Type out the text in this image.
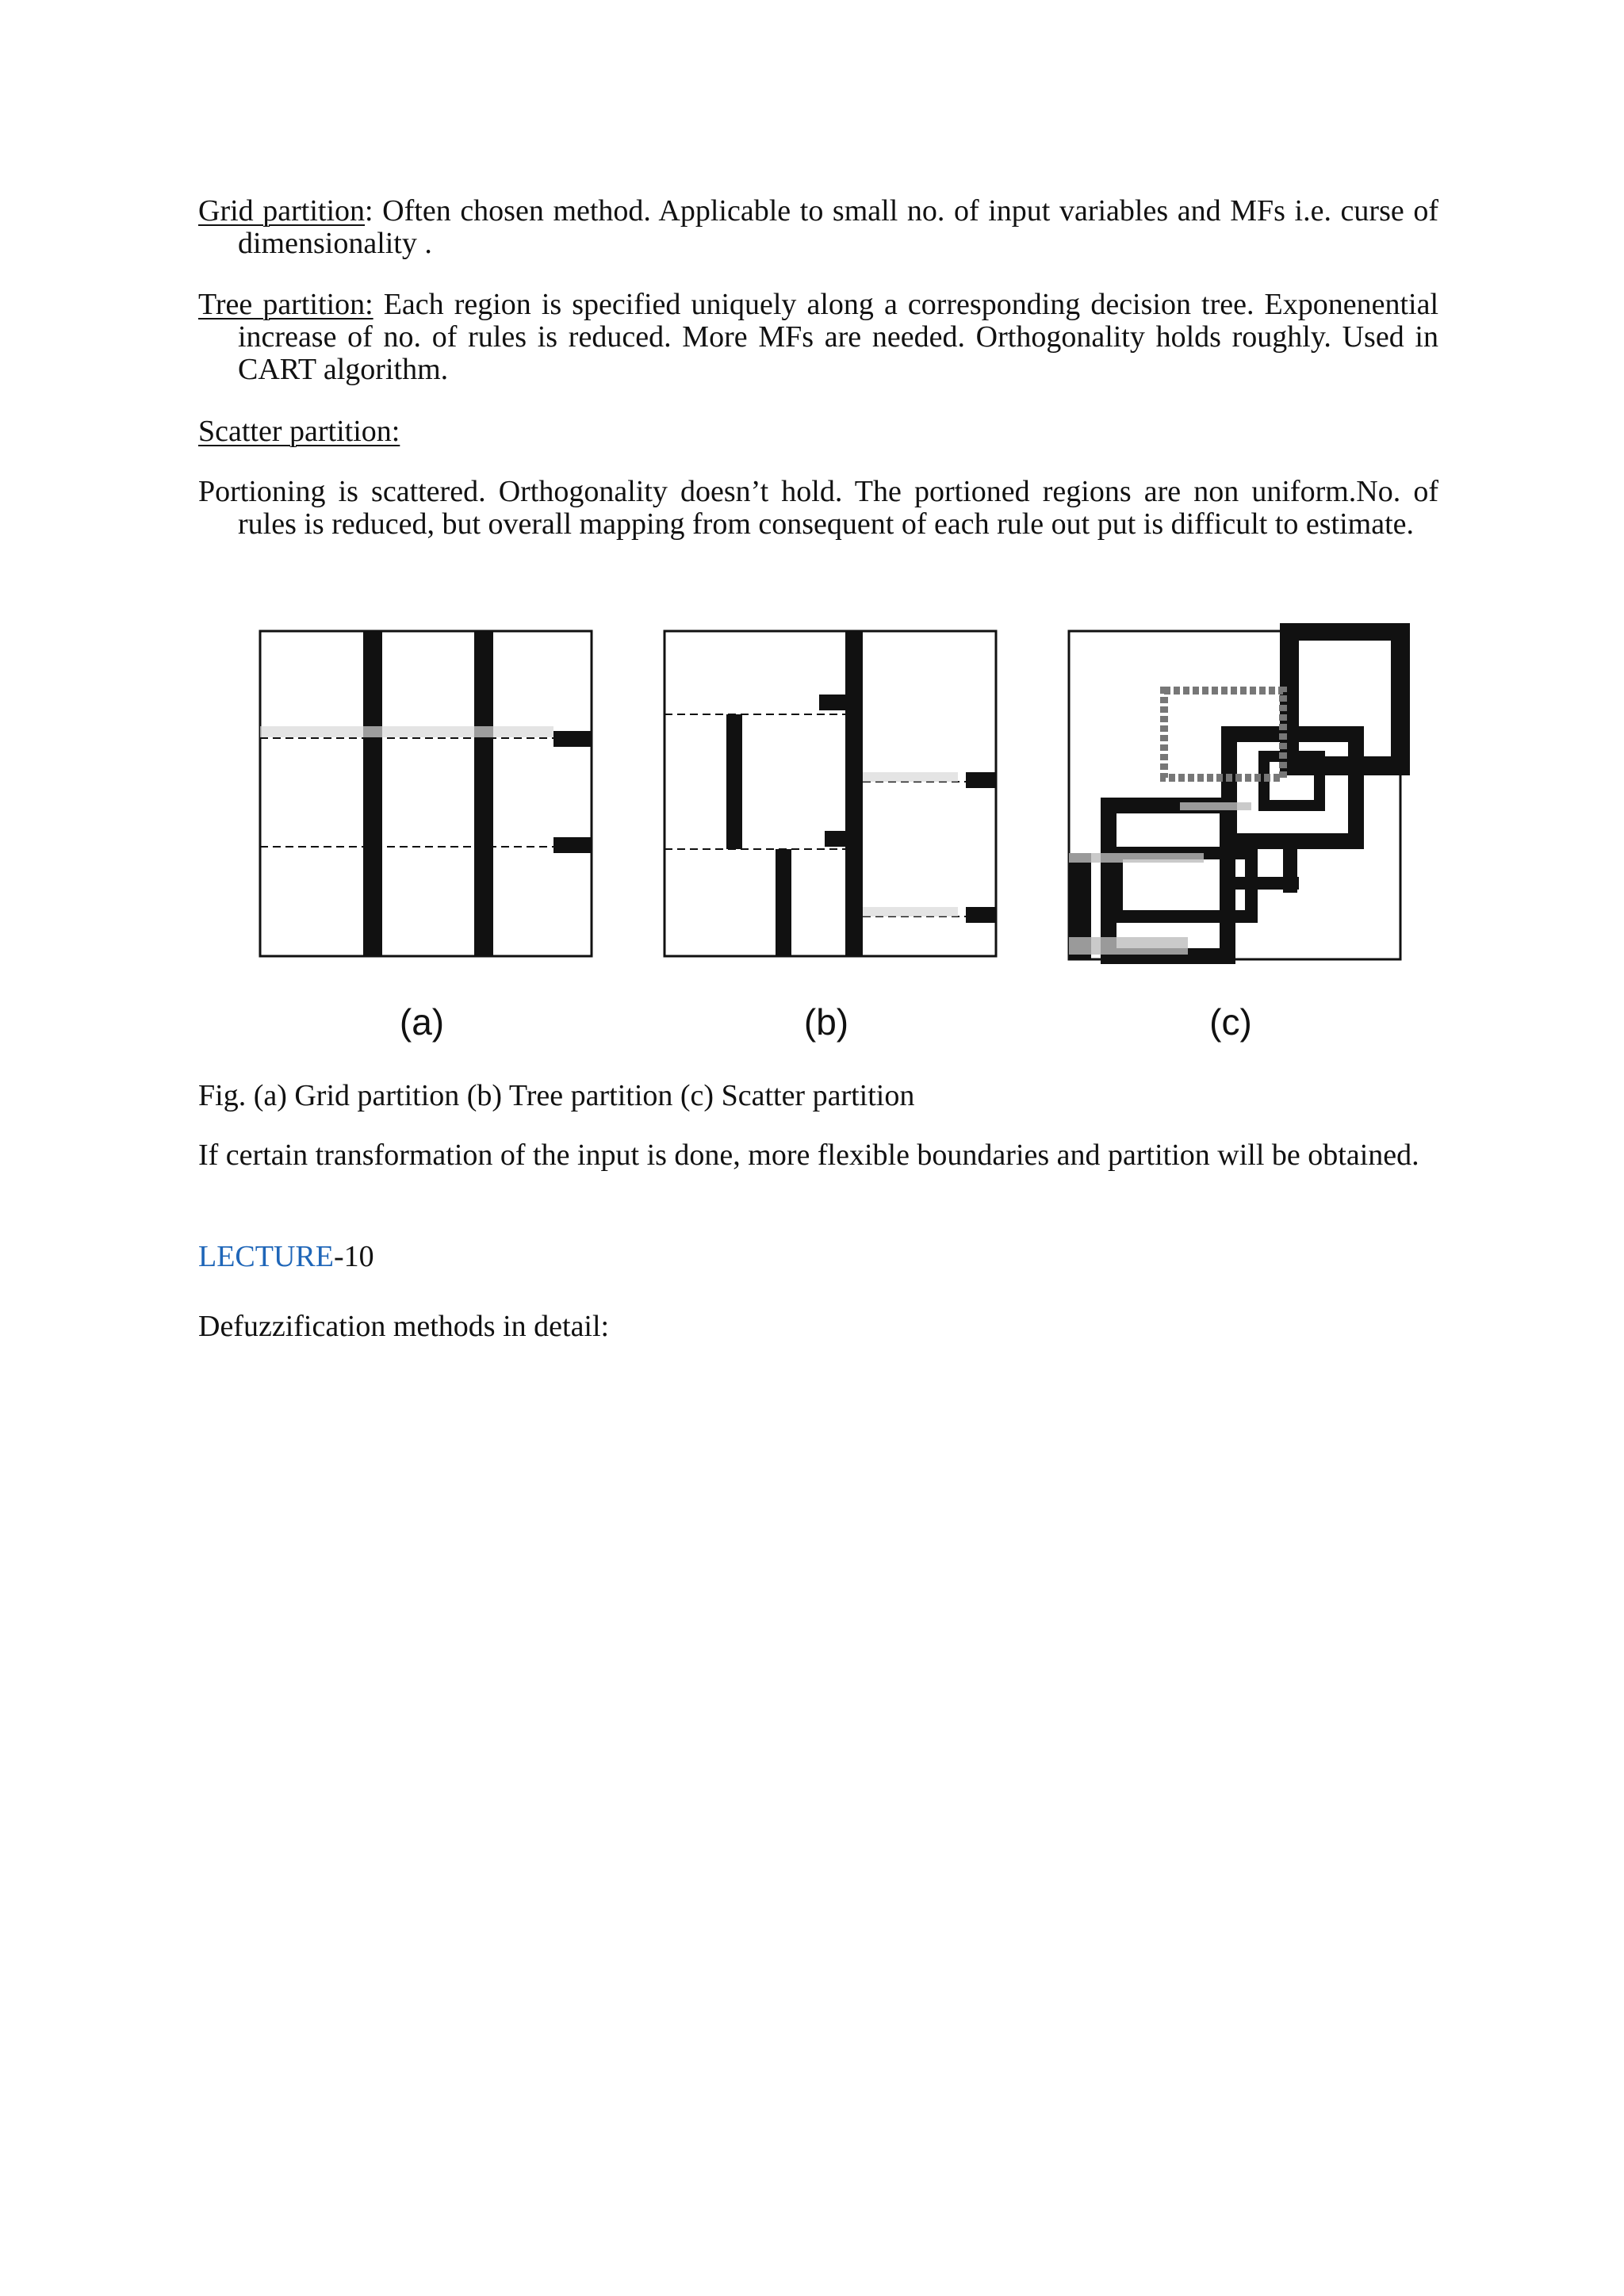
Grid partition: Often chosen method. Applicable to small no. of input variables and MFs i.e. curse of dimensionality .
Tree partition: Each region is specified uniquely along a corresponding decision tree. Exponenential increase of no. of rules is reduced. More MFs are needed. Orthogonality holds roughly. Used in CART algorithm.
Scatter partition:
Portioning is scattered. Orthogonality doesn’t hold. The portioned regions are non uniform.No. of rules is reduced, but overall mapping from consequent of each rule out put is difficult to estimate.
(a)	(b)	(c)
Fig. (a) Grid partition (b) Tree partition (c) Scatter partition
If certain transformation of the input is done, more flexible boundaries and partition will be obtained.
LECTURE-10
Defuzzification methods in detail:
